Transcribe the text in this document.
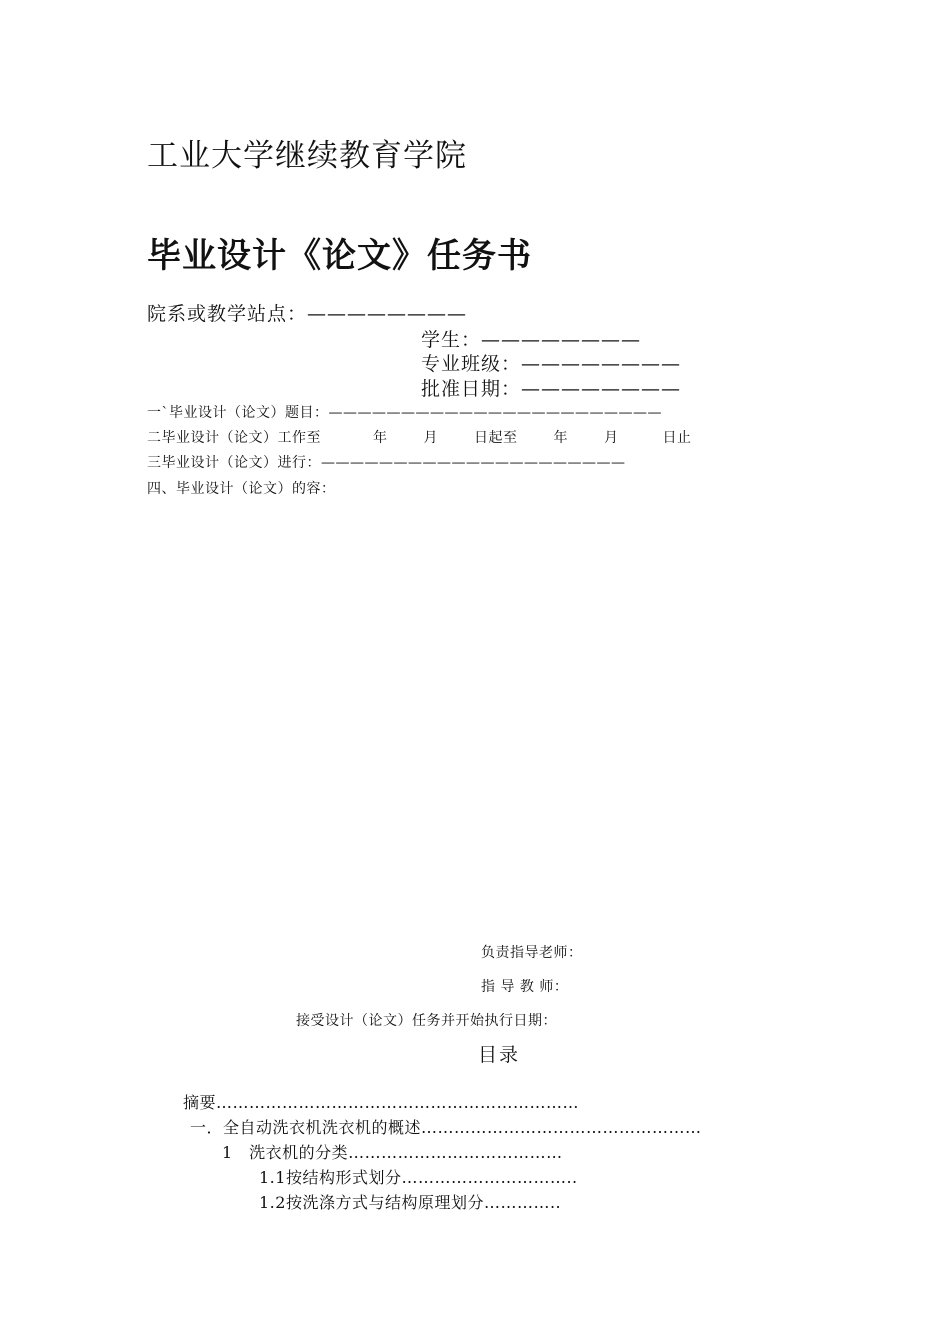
工业大学继续教育学院
毕业设计《论文》任务书
院系或教学站点：————————
学生：————————
专业班级：————————
批准日期：————————
一`毕业设计（论文）题目：———————————————————————
二毕业设计（论文）工作至	年	月	日起至	年	月	日止
三毕业设计（论文）进行：—————————————————————
四、毕业设计（论文）的容：
负责指导老师：
指 导 教 师：
接受设计（论文）任务并开始执行日期：
目录
摘要…………………………………………………………
一．全自动洗衣机洗衣机的概述……………………………………………
1　洗衣机的分类…………………………………
1.1按结构形式划分…………………………..
1.2按洗涤方式与结构原理划分…………..
